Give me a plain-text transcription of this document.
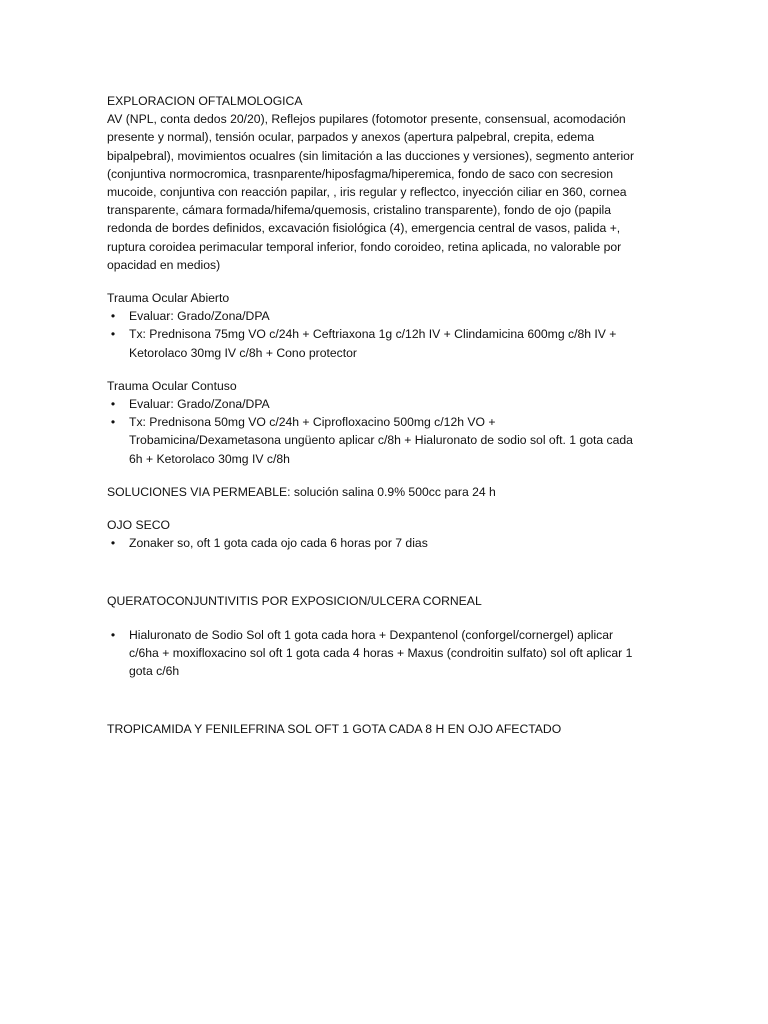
EXPLORACION OFTALMOLOGICA
AV (NPL, conta dedos 20/20), Reflejos pupilares (fotomotor presente, consensual, acomodación
presente y normal), tensión ocular, parpados y anexos (apertura palpebral, crepita, edema
bipalpebral), movimientos ocualres (sin limitación a las ducciones y versiones), segmento anterior
(conjuntiva normocromica, trasnparente/hiposfagma/hiperemica, fondo de saco con secresion
mucoide, conjuntiva con reacción papilar, , iris regular y reflectco, inyección ciliar en 360, cornea
transparente, cámara formada/hifema/quemosis, cristalino transparente), fondo de ojo (papila
redonda de bordes definidos, excavación fisiológica (4), emergencia central de vasos, palida +,
ruptura coroidea perimacular temporal inferior, fondo coroideo, retina aplicada, no valorable por
opacidad en medios)
Trauma Ocular Abierto
•
Evaluar: Grado/Zona/DPA
•
Tx: Prednisona 75mg VO c/24h + Ceftriaxona 1g c/12h IV + Clindamicina 600mg c/8h IV +
Ketorolaco 30mg IV c/8h + Cono protector
Trauma Ocular Contuso
•
Evaluar: Grado/Zona/DPA
•
Tx: Prednisona 50mg VO c/24h + Ciprofloxacino 500mg c/12h VO +
Trobamicina/Dexametasona ungüento aplicar c/8h + Hialuronato de sodio sol oft. 1 gota cada
6h + Ketorolaco 30mg IV c/8h
SOLUCIONES VIA PERMEABLE: solución salina 0.9% 500cc para 24 h
OJO SECO
•
Zonaker so, oft 1 gota cada ojo cada 6 horas por 7 dias
QUERATOCONJUNTIVITIS POR EXPOSICION/ULCERA CORNEAL
•
Hialuronato de Sodio Sol oft 1 gota cada hora + Dexpantenol (conforgel/cornergel) aplicar
c/6ha + moxifloxacino sol oft 1 gota cada 4 horas + Maxus (condroitin sulfato) sol oft aplicar 1
gota c/6h
TROPICAMIDA Y FENILEFRINA SOL OFT 1 GOTA CADA 8 H EN OJO AFECTADO
